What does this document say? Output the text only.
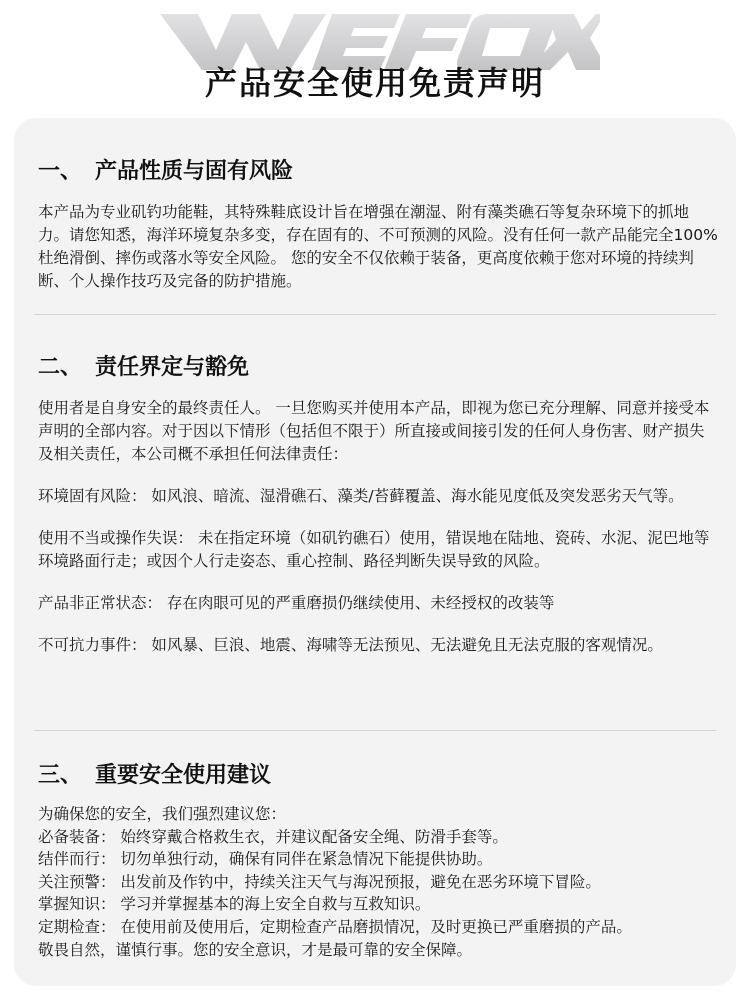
产品安全使用免责声明
一、 产品性质与固有风险

本产品为专业矶钓功能鞋，其特殊鞋底设计旨在增强在潮湿、附有藻类礁石等复杂环境下的抓地力。请您知悉，海洋环境复杂多变，存在固有的、不可预测的风险。没有任何一款产品能完全100%杜绝滑倒、摔伤或落水等安全风险。 您的安全不仅依赖于装备，更高度依赖于您对环境的持续判断、个人操作技巧及完备的防护措施。

二、 责任界定与豁免

使用者是自身安全的最终责任人。 一旦您购买并使用本产品，即视为您已充分理解、同意并接受本声明的全部内容。对于因以下情形（包括但不限于）所直接或间接引发的任何人身伤害、财产损失及相关责任，本公司概不承担任何法律责任：

环境固有风险： 如风浪、暗流、湿滑礁石、藻类/苔藓覆盖、海水能见度低及突发恶劣天气等。

使用不当或操作失误： 未在指定环境（如矶钓礁石）使用，错误地在陆地、瓷砖、水泥、泥巴地等环境路面行走；或因个人行走姿态、重心控制、路径判断失误导致的风险。

产品非正常状态： 存在肉眼可见的严重磨损仍继续使用、未经授权的改装等

不可抗力事件： 如风暴、巨浪、地震、海啸等无法预见、无法避免且无法克服的客观情况。

三、 重要安全使用建议

为确保您的安全，我们强烈建议您：

必备装备： 始终穿戴合格救生衣，并建议配备安全绳、防滑手套等。

结伴而行： 切勿单独行动，确保有同伴在紧急情况下能提供协助。

关注预警： 出发前及作钓中，持续关注天气与海况预报，避免在恶劣环境下冒险。

掌握知识： 学习并掌握基本的海上安全自救与互救知识。

定期检查： 在使用前及使用后，定期检查产品磨损情况，及时更换已严重磨损的产品。

敬畏自然，谨慎行事。您的安全意识，才是最可靠的安全保障。
